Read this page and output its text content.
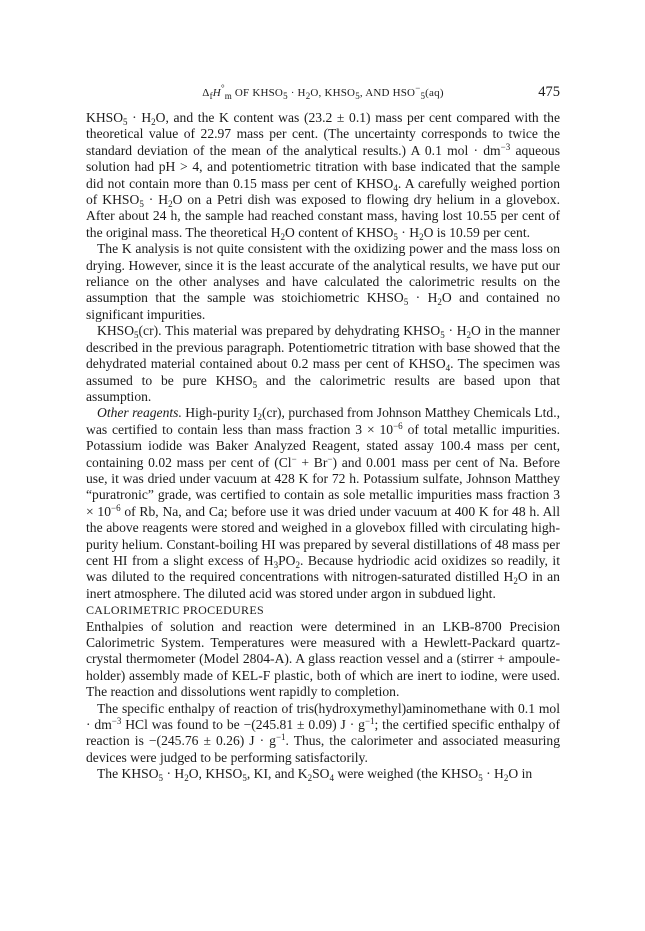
$\Delta_fH^\circ_m$ OF $KHSO_5 \cdot H_2O$, $KHSO_5$, AND $HSO^-_5(aq)$	475

$KHSO_5 \cdot H_2O$, and the K content was (23.2 ± 0.1) mass per cent compared with the theoretical value of 22.97 mass per cent. (The uncertainty corresponds to twice the standard deviation of the mean of the analytical results.) A 0.1 mol · $dm^{-3}$ aqueous solution had pH > 4, and potentiometric titration with base indicated that the sample did not contain more than 0.15 mass per cent of $KHSO_4$. A carefully weighed portion of $KHSO_5 \cdot H_2O$ on a Petri dish was exposed to flowing dry helium in a glovebox. After about 24 h, the sample had reached constant mass, having lost 10.55 per cent of the original mass. The theoretical $H_2O$ content of $KHSO_5 \cdot H_2O$ is 10.59 per cent.

The K analysis is not quite consistent with the oxidizing power and the mass loss on drying. However, since it is the least accurate of the analytical results, we have put our reliance on the other analyses and have calculated the calorimetric results on the assumption that the sample was stoichiometric $KHSO_5 \cdot H_2O$ and contained no significant impurities.

$KHSO_5(cr)$. This material was prepared by dehydrating $KHSO_5 \cdot H_2O$ in the manner described in the previous paragraph. Potentiometric titration with base showed that the dehydrated material contained about 0.2 mass per cent of $KHSO_4$. The specimen was assumed to be pure $KHSO_5$ and the calorimetric results are based upon that assumption.

Other reagents. High-purity $I_2(cr)$, purchased from Johnson Matthey Chemicals Ltd., was certified to contain less than mass fraction $3 \times 10^{-6}$ of total metallic impurities. Potassium iodide was Baker Analyzed Reagent, stated assay 100.4 mass per cent, containing 0.02 mass per cent of (Cl− + Br−) and 0.001 mass per cent of Na. Before use, it was dried under vacuum at 428 K for 72 h. Potassium sulfate, Johnson Matthey “puratronic” grade, was certified to contain as sole metallic impurities mass fraction $3 \times 10^{-6}$ of Rb, Na, and Ca; before use it was dried under vacuum at 400 K for 48 h. All the above reagents were stored and weighed in a glovebox filled with circulating high-purity helium. Constant-boiling HI was prepared by several distillations of 48 mass per cent HI from a slight excess of $H_3PO_2$. Because hydriodic acid oxidizes so readily, it was diluted to the required concentrations with nitrogen-saturated distilled $H_2O$ in an inert atmosphere. The diluted acid was stored under argon in subdued light.

CALORIMETRIC PROCEDURES

Enthalpies of solution and reaction were determined in an LKB-8700 Precision Calorimetric System. Temperatures were measured with a Hewlett-Packard quartz-crystal thermometer (Model 2804-A). A glass reaction vessel and a (stirrer + ampoule-holder) assembly made of KEL-F plastic, both of which are inert to iodine, were used. The reaction and dissolutions went rapidly to completion.

The specific enthalpy of reaction of tris(hydroxymethyl)aminomethane with 0.1 mol · $dm^{-3}$ HCl was found to be −(245.81 ± 0.09) $J \cdot g^{-1}$; the certified specific enthalpy of reaction is −(245.76 ± 0.26) $J \cdot g^{-1}$. Thus, the calorimeter and associated measuring devices were judged to be performing satisfactorily.

The $KHSO_5 \cdot H_2O$, $KHSO_5$, KI, and $K_2SO_4$ were weighed (the $KHSO_5 \cdot H_2O$ in
